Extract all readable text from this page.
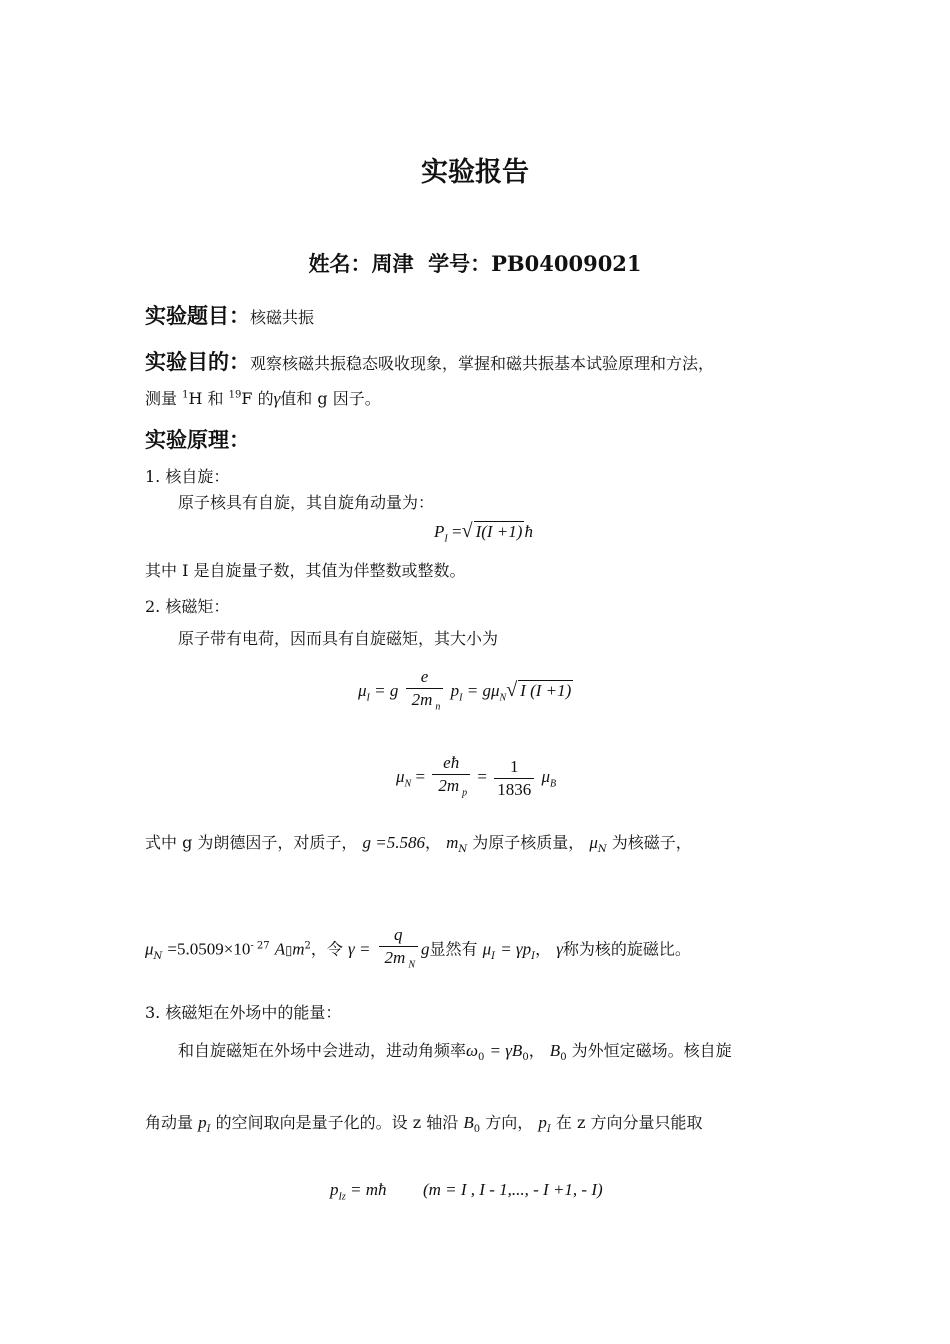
实验报告
姓名：周津 学号：PB04009021
实验题目：核磁共振
实验目的：观察核磁共振稳态吸收现象，掌握和磁共振基本试验原理和方法，
测量 $^1$H 和 $^{19}$F 的γ值和 g 因子。
实验原理：
1. 核自旋：
原子核具有自旋，其自旋角动量为：
$P_I$ =√ I(I +1) ħ
其中 I 是自旋量子数，其值为伴整数或整数。
2. 核磁矩：
原子带有电荷，因而具有自旋磁矩，其大小为
$\mu_I = g \frac{e}{2m _n} p_I = g\mu_N√$ I (I +1)
$\mu_N = \frac{eħ}{2m _p} = \frac{1}{1836} \mu_B$
式中 g 为朗德因子，对质子， g =5.586， $m_N$ 为原子核质量， $\mu_N$ 为核磁子，
$\mu_N =5.0509\times 10^{- 27}$ $A▯m^2$，令 $\gamma = \frac{q}{2m _N}$ g显然有 $\mu_I = \gamma p_I$， γ称为核的旋磁比。
3. 核磁矩在外场中的能量：
和自旋磁矩在外场中会进动，进动角频率$\omega_0 = \gamma B_0$， $B_0$ 为外恒定磁场。核自旋
角动量 $p_I$ 的空间取向是量子化的。设 z 轴沿 $B_0$ 方向， $p_I$ 在 z 方向分量只能取
$p_{Iz}$ = mħ (m = I , I - 1,..., - I +1, - I)
